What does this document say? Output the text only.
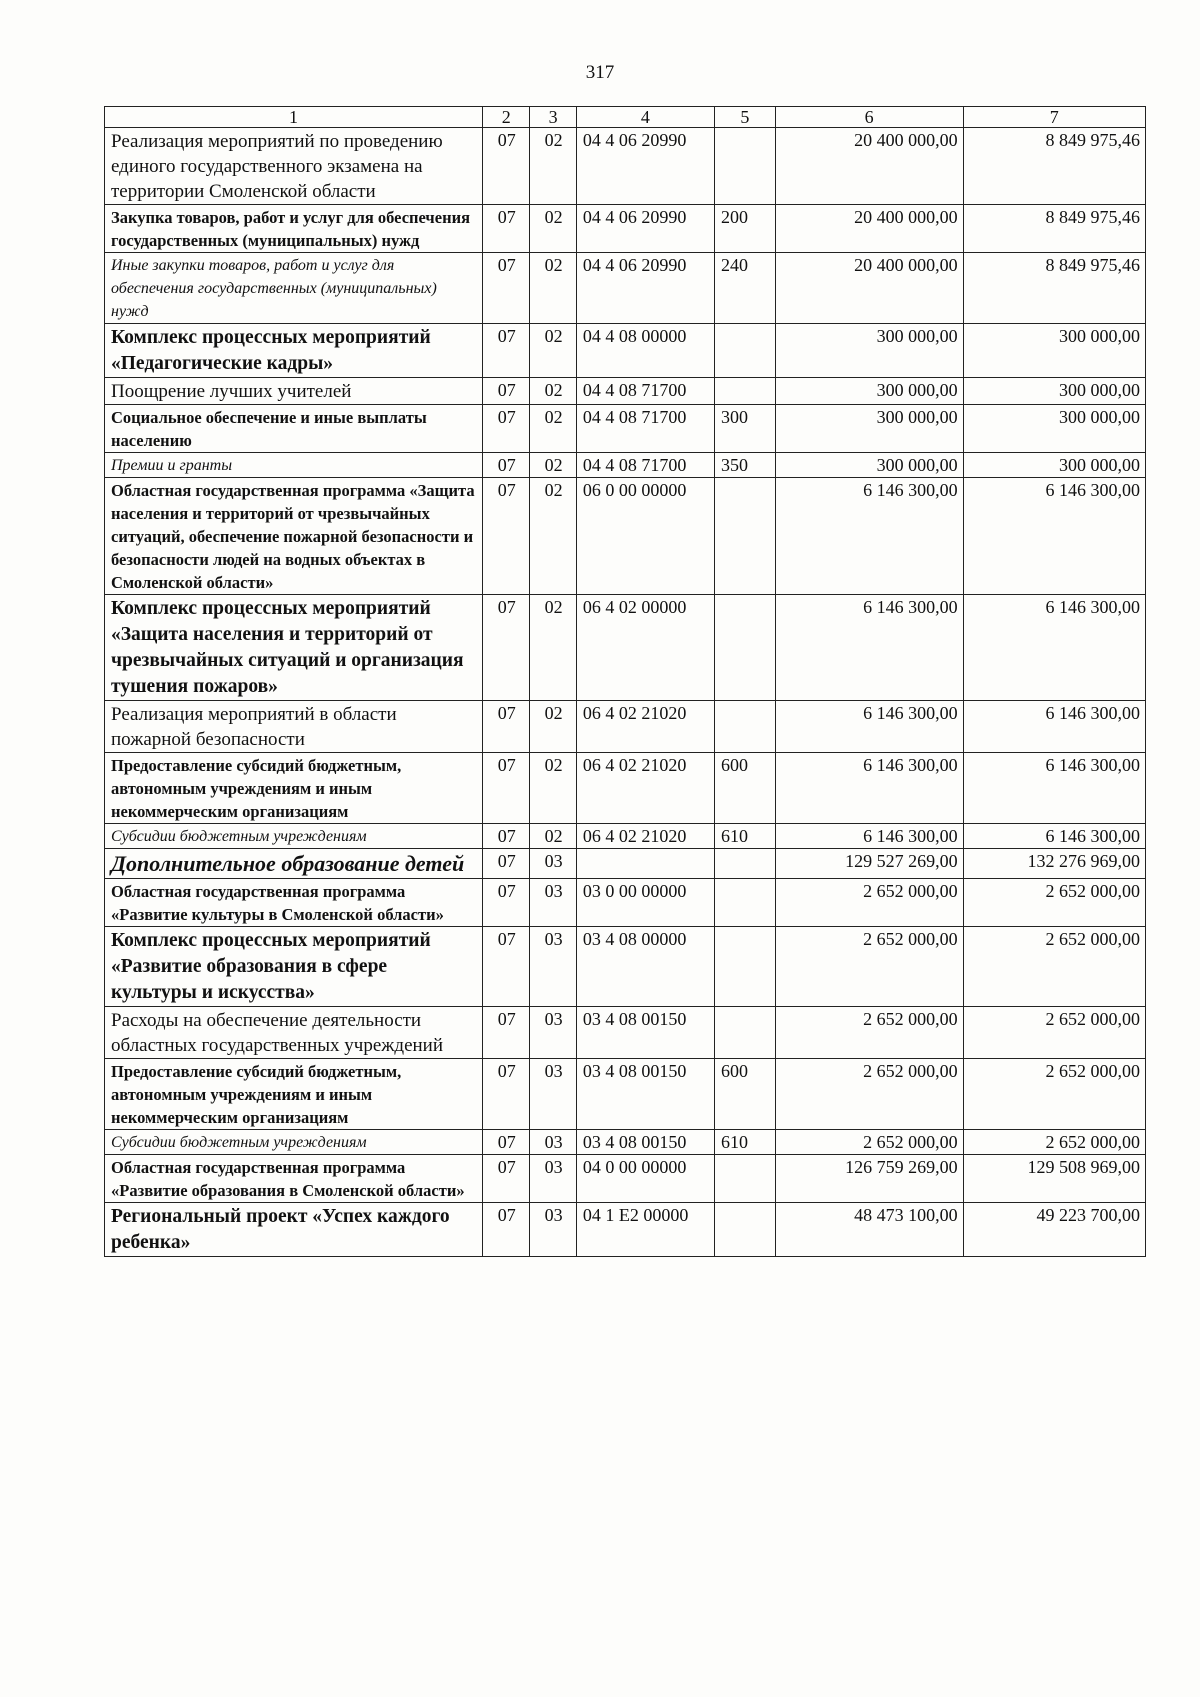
317
1	2	3	4	5	6	7
Реализация мероприятий по проведению единого государственного экзамена на территории Смоленской области	07	02	04 4 06 20990		20 400 000,00	8 849 975,46
Закупка товаров, работ и услуг для обеспечения государственных (муниципальных) нужд	07	02	04 4 06 20990	200	20 400 000,00	8 849 975,46
Иные закупки товаров, работ и услуг для обеспечения государственных (муниципальных) нужд	07	02	04 4 06 20990	240	20 400 000,00	8 849 975,46
Комплекс процессных мероприятий «Педагогические кадры»	07	02	04 4 08 00000		300 000,00	300 000,00
Поощрение лучших учителей	07	02	04 4 08 71700		300 000,00	300 000,00
Социальное обеспечение и иные выплаты населению	07	02	04 4 08 71700	300	300 000,00	300 000,00
Премии и гранты	07	02	04 4 08 71700	350	300 000,00	300 000,00
Областная государственная программа «Защита населения и территорий от чрезвычайных ситуаций, обеспечение пожарной безопасности и безопасности людей на водных объектах в Смоленской области»	07	02	06 0 00 00000		6 146 300,00	6 146 300,00
Комплекс процессных мероприятий «Защита населения и территорий от чрезвычайных ситуаций и организация тушения пожаров»	07	02	06 4 02 00000		6 146 300,00	6 146 300,00
Реализация мероприятий в области пожарной безопасности	07	02	06 4 02 21020		6 146 300,00	6 146 300,00
Предоставление субсидий бюджетным, автономным учреждениям и иным некоммерческим организациям	07	02	06 4 02 21020	600	6 146 300,00	6 146 300,00
Субсидии бюджетным учреждениям	07	02	06 4 02 21020	610	6 146 300,00	6 146 300,00
Дополнительное образование детей	07	03			129 527 269,00	132 276 969,00
Областная государственная программа «Развитие культуры в Смоленской области»	07	03	03 0 00 00000		2 652 000,00	2 652 000,00
Комплекс процессных мероприятий «Развитие образования в сфере культуры и искусства»	07	03	03 4 08 00000		2 652 000,00	2 652 000,00
Расходы на обеспечение деятельности областных государственных учреждений	07	03	03 4 08 00150		2 652 000,00	2 652 000,00
Предоставление субсидий бюджетным, автономным учреждениям и иным некоммерческим организациям	07	03	03 4 08 00150	600	2 652 000,00	2 652 000,00
Субсидии бюджетным учреждениям	07	03	03 4 08 00150	610	2 652 000,00	2 652 000,00
Областная государственная программа «Развитие образования в Смоленской области»	07	03	04 0 00 00000		126 759 269,00	129 508 969,00
Региональный проект «Успех каждого ребенка»	07	03	04 1 E2 00000		48 473 100,00	49 223 700,00
